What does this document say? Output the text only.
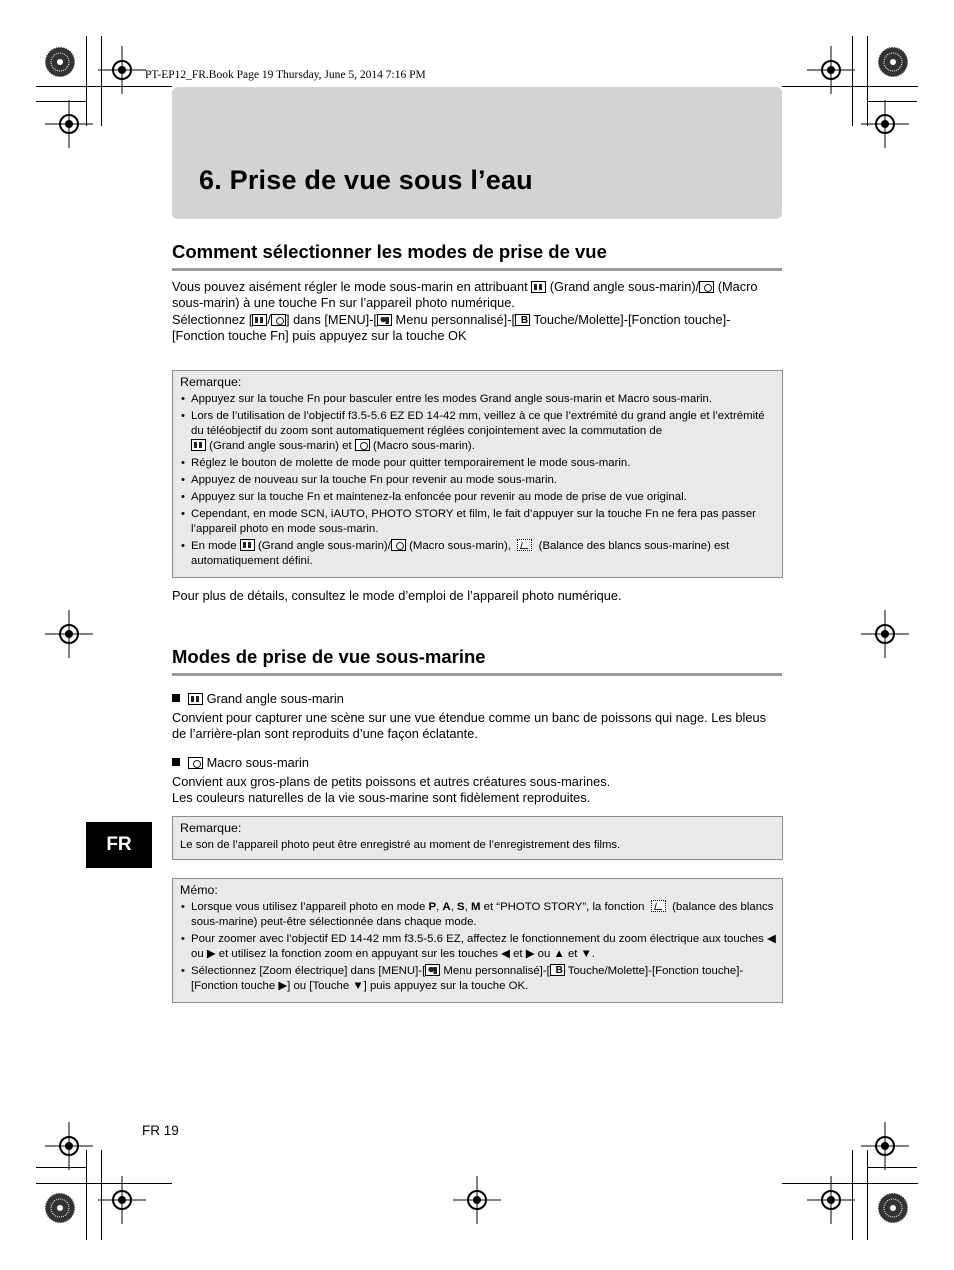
PT-EP12_FR.Book Page 19 Thursday, June 5, 2014 7:16 PM
6. Prise de vue sous l’eau
Comment sélectionner les modes de prise de vue
Vous pouvez aisément régler le mode sous-marin en attribuant (Grand angle sous-marin)/ (Macro sous-marin) à une touche Fn sur l’appareil photo numérique.
Sélectionnez [ / ] dans [MENU]-[ Menu personnalisé]-[ B Touche/Molette]-[Fonction touche]-
[Fonction touche Fn] puis appuyez sur la touche OK
Remarque:
• Appuyez sur la touche Fn pour basculer entre les modes Grand angle sous-marin et Macro sous-marin.
• Lors de l’utilisation de l’objectif f3.5-5.6 EZ ED 14-42 mm, veillez à ce que l’extrémité du grand angle et l’extrémité du téléobjectif du zoom sont automatiquement réglées conjointement avec la commutation de
(Grand angle sous-marin) et (Macro sous-marin).
• Réglez le bouton de molette de mode pour quitter temporairement le mode sous-marin.
• Appuyez de nouveau sur la touche Fn pour revenir au mode sous-marin.
• Appuyez sur la touche Fn et maintenez-la enfoncée pour revenir au mode de prise de vue original.
• Cependant, en mode SCN, iAUTO, PHOTO STORY et film, le fait d’appuyer sur la touche Fn ne fera pas passer l’appareil photo en mode sous-marin.
• En mode (Grand angle sous-marin)/ (Macro sous-marin), (Balance des blancs sous-marine) est automatiquement défini.
Pour plus de détails, consultez le mode d’emploi de l’appareil photo numérique.
Modes de prise de vue sous-marine
Grand angle sous-marin
Convient pour capturer une scène sur une vue étendue comme un banc de poissons qui nage. Les bleus de l’arrière-plan sont reproduits d’une façon éclatante.
Macro sous-marin
Convient aux gros-plans de petits poissons et autres créatures sous-marines.
Les couleurs naturelles de la vie sous-marine sont fidèlement reproduites.
Remarque:
Le son de l’appareil photo peut être enregistré au moment de l’enregistrement des films.
Mémo:
• Lorsque vous utilisez l’appareil photo en mode P, A, S, M et “PHOTO STORY”, la fonction (balance des blancs sous-marine) peut-être sélectionnée dans chaque mode.
• Pour zoomer avec l’objectif ED 14-42 mm f3.5-5.6 EZ, affectez le fonctionnement du zoom électrique aux touches ◀ ou ▶ et utilisez la fonction zoom en appuyant sur les touches ◀ et ▶ ou ▲ et ▼.
• Sélectionnez [Zoom électrique] dans [MENU]-[ Menu personnalisé]-[ B Touche/Molette]-[Fonction touche]-[Fonction touche ▶] ou [Touche ▼] puis appuyez sur la touche OK.
FR
FR 19
